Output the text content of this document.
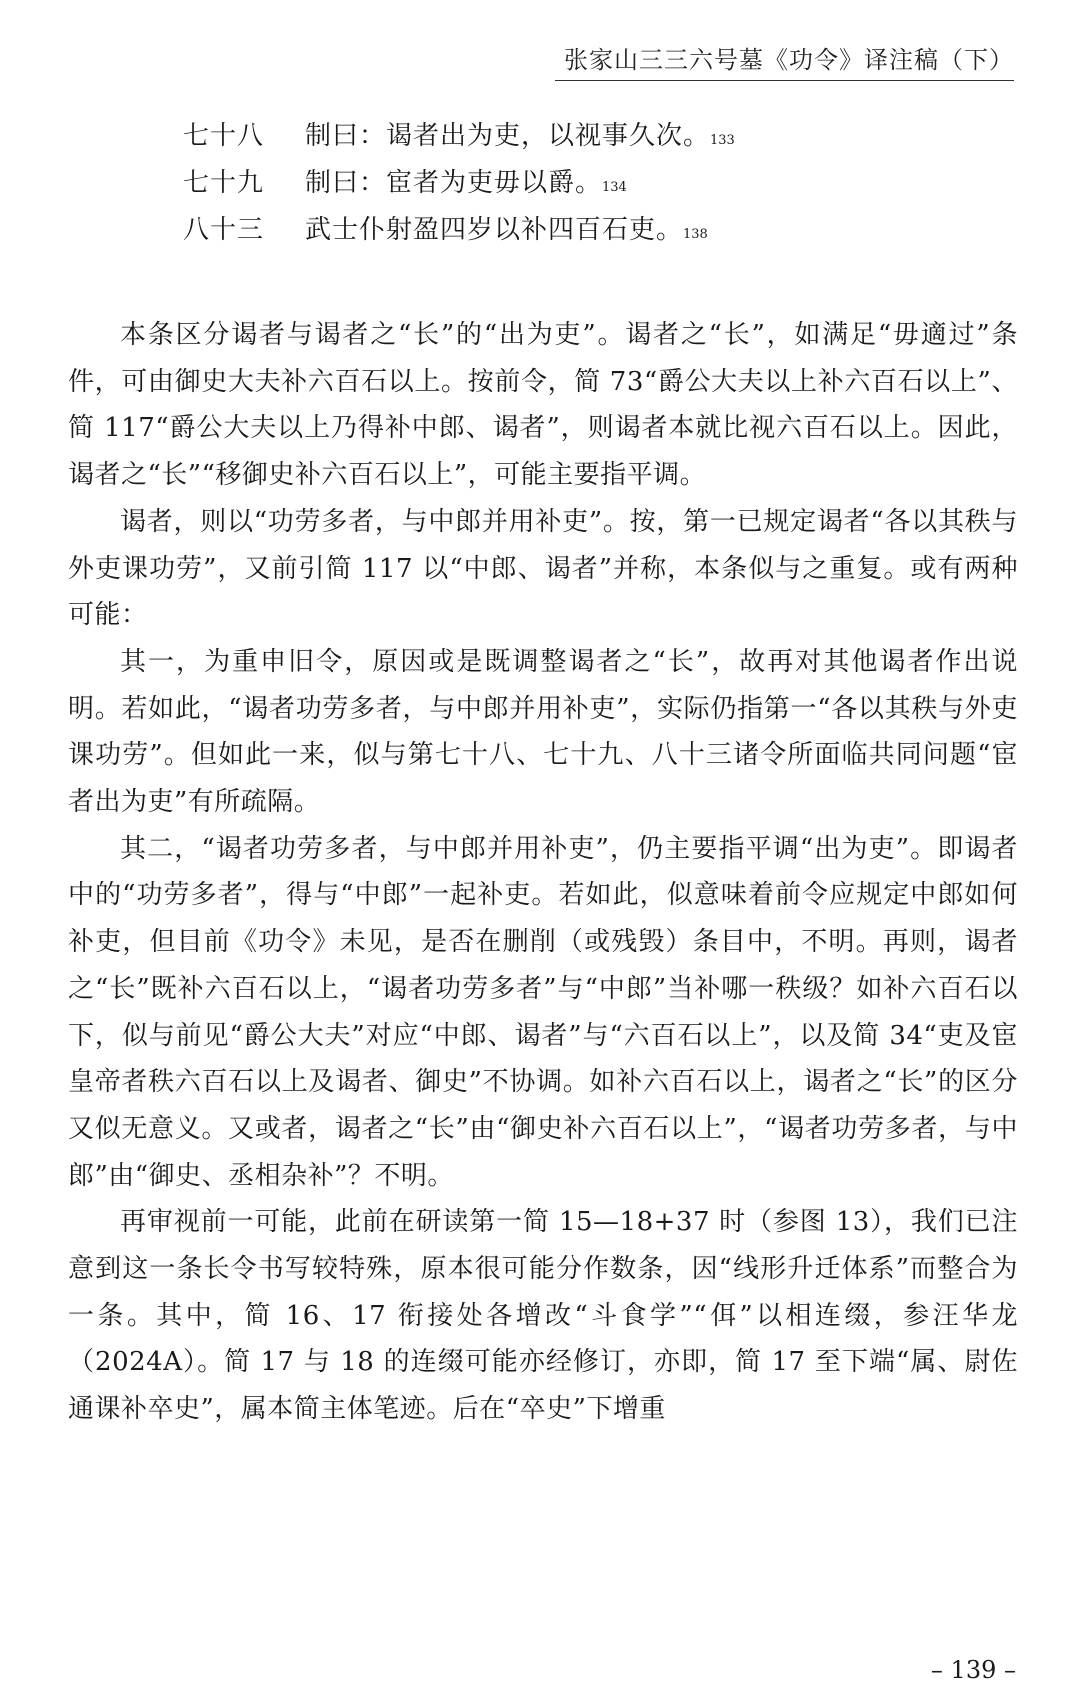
张家山三三六号墓《功令》译注稿（下）
七十八 制曰：谒者出为吏，以视事久次。133
七十九 制曰：宦者为吏毋以爵。134
八十三 武士仆射盈四岁以补四百石吏。138

本条区分谒者与谒者之“长”的“出为吏”。谒者之“长”，如满足“毋適过”条件，可由御史大夫补六百石以上。按前令，简 73“爵公大夫以上补六百石以上”、简 117“爵公大夫以上乃得补中郎、谒者”，则谒者本就比视六百石以上。因此，谒者之“长”“移御史补六百石以上”，可能主要指平调。

谒者，则以“功劳多者，与中郎并用补吏”。按，第一已规定谒者“各以其秩与外吏课功劳”，又前引简 117 以“中郎、谒者”并称，本条似与之重复。或有两种可能：

其一，为重申旧令，原因或是既调整谒者之“长”，故再对其他谒者作出说明。若如此，“谒者功劳多者，与中郎并用补吏”，实际仍指第一“各以其秩与外吏课功劳”。但如此一来，似与第七十八、七十九、八十三诸令所面临共同问题“宦者出为吏”有所疏隔。

其二，“谒者功劳多者，与中郎并用补吏”，仍主要指平调“出为吏”。即谒者中的“功劳多者”，得与“中郎”一起补吏。若如此，似意味着前令应规定中郎如何补吏，但目前《功令》未见，是否在删削（或残毁）条目中，不明。再则，谒者之“长”既补六百石以上，“谒者功劳多者”与“中郎”当补哪一秩级？如补六百石以下，似与前见“爵公大夫”对应“中郎、谒者”与“六百石以上”，以及简 34“吏及宦皇帝者秩六百石以上及谒者、御史”不协调。如补六百石以上，谒者之“长”的区分又似无意义。又或者，谒者之“长”由“御史补六百石以上”，“谒者功劳多者，与中郎”由“御史、丞相杂补”？不明。

再审视前一可能，此前在研读第一简 15—18+37 时（参图 13），我们已注意到这一条长令书写较特殊，原本很可能分作数条，因“线形升迁体系”而整合为一条。其中，简 16、17 衔接处各增改“斗食学”“佴”以相连缀，参汪华龙（2024A）。简 17 与 18 的连缀可能亦经修订，亦即，简 17 至下端“属、尉佐通课补卒史”，属本简主体笔迹。后在“卒史”下增重

– 139 –
